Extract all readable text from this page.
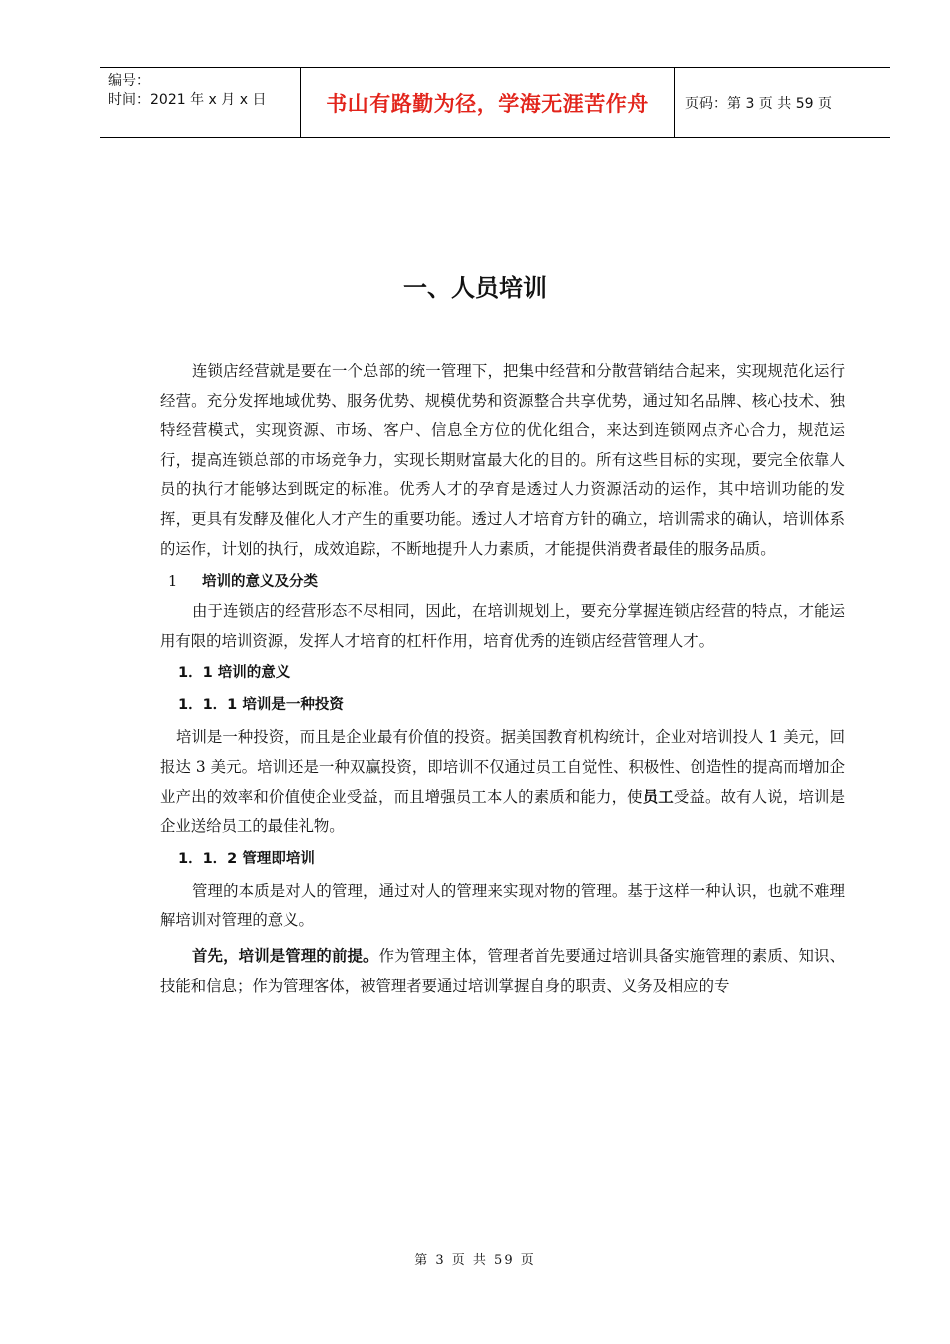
编号：
时间：2021 年 x 月 x 日	书山有路勤为径，学海无涯苦作舟	页码：第 3 页 共 59 页
一、人员培训

连锁店经营就是要在一个总部的统一管理下，把集中经营和分散营销结合起来，实现规范化运行经营。充分发挥地域优势、服务优势、规模优势和资源整合共享优势，通过知名品牌、核心技术、独特经营模式，实现资源、市场、客户、信息全方位的优化组合，来达到连锁网点齐心合力，规范运行，提高连锁总部的市场竞争力，实现长期财富最大化的目的。所有这些目标的实现，要完全依靠人员的执行才能够达到既定的标准。优秀人才的孕育是透过人力资源活动的运作，其中培训功能的发挥，更具有发酵及催化人才产生的重要功能。透过人才培育方针的确立，培训需求的确认，培训体系的运作，计划的执行，成效追踪，不断地提升人力素质，才能提供消费者最佳的服务品质。

1 培训的意义及分类

由于连锁店的经营形态不尽相同，因此，在培训规划上，要充分掌握连锁店经营的特点，才能运用有限的培训资源，发挥人才培育的杠杆作用，培育优秀的连锁店经营管理人才。

1．1 培训的意义
1．1．1 培训是一种投资

培训是一种投资，而且是企业最有价值的投资。据美国教育机构统计，企业对培训投人 1 美元，回报达 3 美元。培训还是一种双赢投资，即培训不仅通过员工自觉性、积极性、创造性的提高而增加企业产出的效率和价值使企业受益，而且增强员工本人的素质和能力，使员工受益。故有人说，培训是企业送给员工的最佳礼物。

1．1．2 管理即培训

管理的本质是对人的管理，通过对人的管理来实现对物的管理。基于这样一种认识，也就不难理解培训对管理的意义。

首先，培训是管理的前提。作为管理主体，管理者首先要通过培训具备实施管理的素质、知识、技能和信息；作为管理客体，被管理者要通过培训掌握自身的职责、义务及相应的专

第 3 页 共 59 页
